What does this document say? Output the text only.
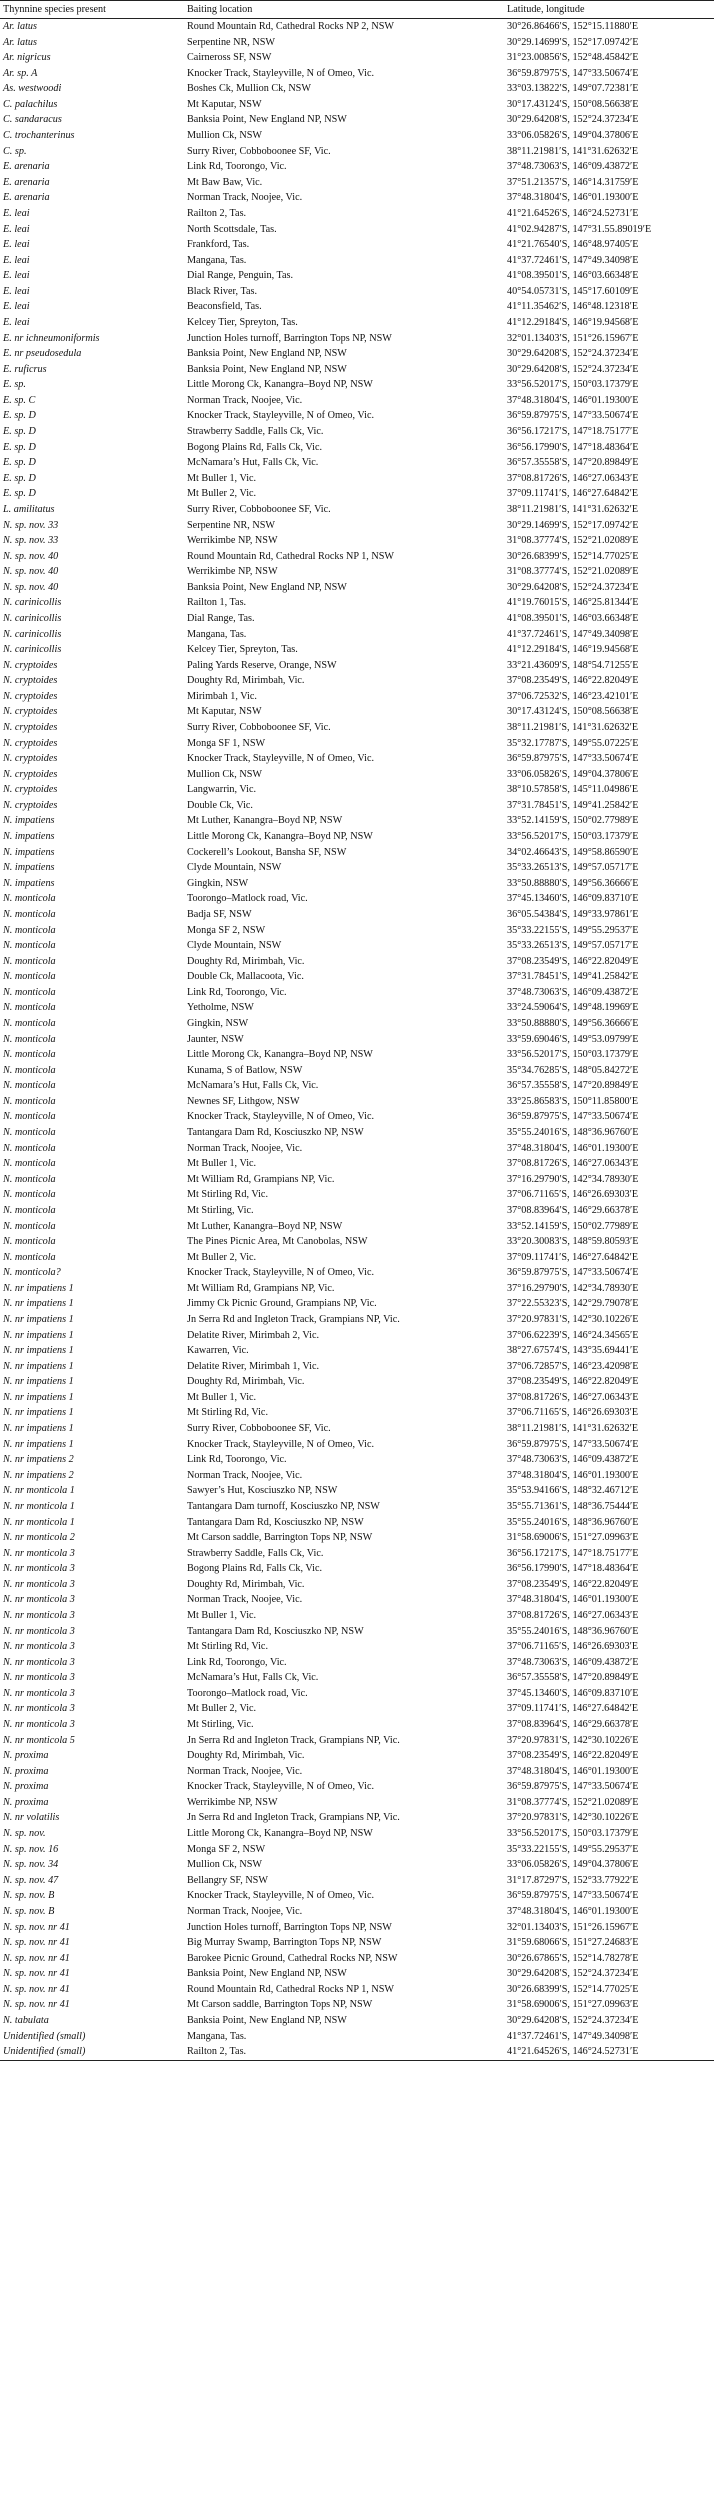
Thynnine species present	Baiting location	Latitude, longitude
Ar. latus	Round Mountain Rd, Cathedral Rocks NP 2, NSW	30°26.86466′S, 152°15.11880′E
Ar. latus	Serpentine NR, NSW	30°29.14699′S, 152°17.09742′E
Ar. nigricus	Cairneross SF, NSW	31°23.00856′S, 152°48.45842′E
Ar. sp. A	Knocker Track, Stayleyville, N of Omeo, Vic.	36°59.87975′S, 147°33.50674′E
As. westwoodi	Boshes Ck, Mullion Ck, NSW	33°03.13822′S, 149°07.72381′E
C. palachilus	Mt Kaputar, NSW	30°17.43124′S, 150°08.56638′E
C. sandaracus	Banksia Point, New England NP, NSW	30°29.64208′S, 152°24.37234′E
C. trochanterinus	Mullion Ck, NSW	33°06.05826′S, 149°04.37806′E
C. sp.	Surry River, Cobboboonee SF, Vic.	38°11.21981′S, 141°31.62632′E
E. arenaria	Link Rd, Toorongo, Vic.	37°48.73063′S, 146°09.43872′E
E. arenaria	Mt Baw Baw, Vic.	37°51.21357′S, 146°14.31759′E
E. arenaria	Norman Track, Noojee, Vic.	37°48.31804′S, 146°01.19300′E
E. leai	Railton 2, Tas.	41°21.64526′S, 146°24.52731′E
E. leai	North Scottsdale, Tas.	41°02.94287′S, 147°31.55.89019′E
E. leai	Frankford, Tas.	41°21.76540′S, 146°48.97405′E
E. leai	Mangana, Tas.	41°37.72461′S, 147°49.34098′E
E. leai	Dial Range, Penguin, Tas.	41°08.39501′S, 146°03.66348′E
E. leai	Black River, Tas.	40°54.05731′S, 145°17.60109′E
E. leai	Beaconsfield, Tas.	41°11.35462′S, 146°48.12318′E
E. leai	Kelcey Tier, Spreyton, Tas.	41°12.29184′S, 146°19.94568′E
E. nr ichneumoniformis	Junction Holes turnoff, Barrington Tops NP, NSW	32°01.13403′S, 151°26.15967′E
E. nr pseudosedula	Banksia Point, New England NP, NSW	30°29.64208′S, 152°24.37234′E
E. ruficrus	Banksia Point, New England NP, NSW	30°29.64208′S, 152°24.37234′E
E. sp.	Little Morong Ck, Kanangra–Boyd NP, NSW	33°56.52017′S, 150°03.17379′E
E. sp. C	Norman Track, Noojee, Vic.	37°48.31804′S, 146°01.19300′E
E. sp. D	Knocker Track, Stayleyville, N of Omeo, Vic.	36°59.87975′S, 147°33.50674′E
E. sp. D	Strawberry Saddle, Falls Ck, Vic.	36°56.17217′S, 147°18.75177′E
E. sp. D	Bogong Plains Rd, Falls Ck, Vic.	36°56.17990′S, 147°18.48364′E
E. sp. D	McNamara’s Hut, Falls Ck, Vic.	36°57.35558′S, 147°20.89849′E
E. sp. D	Mt Buller 1, Vic.	37°08.81726′S, 146°27.06343′E
E. sp. D	Mt Buller 2, Vic.	37°09.11741′S, 146°27.64842′E
L. amilitatus	Surry River, Cobboboonee SF, Vic.	38°11.21981′S, 141°31.62632′E
N. sp. nov. 33	Serpentine NR, NSW	30°29.14699′S, 152°17.09742′E
N. sp. nov. 33	Werrikimbe NP, NSW	31°08.37774′S, 152°21.02089′E
N. sp. nov. 40	Round Mountain Rd, Cathedral Rocks NP 1, NSW	30°26.68399′S, 152°14.77025′E
N. sp. nov. 40	Werrikimbe NP, NSW	31°08.37774′S, 152°21.02089′E
N. sp. nov. 40	Banksia Point, New England NP, NSW	30°29.64208′S, 152°24.37234′E
N. carinicollis	Railton 1, Tas.	41°19.76015′S, 146°25.81344′E
N. carinicollis	Dial Range, Tas.	41°08.39501′S, 146°03.66348′E
N. carinicollis	Mangana, Tas.	41°37.72461′S, 147°49.34098′E
N. carinicollis	Kelcey Tier, Spreyton, Tas.	41°12.29184′S, 146°19.94568′E
N. cryptoides	Paling Yards Reserve, Orange, NSW	33°21.43609′S, 148°54.71255′E
N. cryptoides	Doughty Rd, Mirimbah, Vic.	37°08.23549′S, 146°22.82049′E
N. cryptoides	Mirimbah 1, Vic.	37°06.72532′S, 146°23.42101′E
N. cryptoides	Mt Kaputar, NSW	30°17.43124′S, 150°08.56638′E
N. cryptoides	Surry River, Cobboboonee SF, Vic.	38°11.21981′S, 141°31.62632′E
N. cryptoides	Monga SF 1, NSW	35°32.17787′S, 149°55.07225′E
N. cryptoides	Knocker Track, Stayleyville, N of Omeo, Vic.	36°59.87975′S, 147°33.50674′E
N. cryptoides	Mullion Ck, NSW	33°06.05826′S, 149°04.37806′E
N. cryptoides	Langwarrin, Vic.	38°10.57858′S, 145°11.04986′E
N. cryptoides	Double Ck, Vic.	37°31.78451′S, 149°41.25842′E
N. impatiens	Mt Luther, Kanangra–Boyd NP, NSW	33°52.14159′S, 150°02.77989′E
N. impatiens	Little Morong Ck, Kanangra–Boyd NP, NSW	33°56.52017′S, 150°03.17379′E
N. impatiens	Cockerell’s Lookout, Bansha SF, NSW	34°02.46643′S, 149°58.86590′E
N. impatiens	Clyde Mountain, NSW	35°33.26513′S, 149°57.05717′E
N. impatiens	Gingkin, NSW	33°50.88880′S, 149°56.36666′E
N. monticola	Toorongo–Matlock road, Vic.	37°45.13460′S, 146°09.83710′E
N. monticola	Badja SF, NSW	36°05.54384′S, 149°33.97861′E
N. monticola	Monga SF 2, NSW	35°33.22155′S, 149°55.29537′E
N. monticola	Clyde Mountain, NSW	35°33.26513′S, 149°57.05717′E
N. monticola	Doughty Rd, Mirimbah, Vic.	37°08.23549′S, 146°22.82049′E
N. monticola	Double Ck, Mallacoota, Vic.	37°31.78451′S, 149°41.25842′E
N. monticola	Link Rd, Toorongo, Vic.	37°48.73063′S, 146°09.43872′E
N. monticola	Yetholme, NSW	33°24.59064′S, 149°48.19969′E
N. monticola	Gingkin, NSW	33°50.88880′S, 149°56.36666′E
N. monticola	Jaunter, NSW	33°59.69046′S, 149°53.09799′E
N. monticola	Little Morong Ck, Kanangra–Boyd NP, NSW	33°56.52017′S, 150°03.17379′E
N. monticola	Kunama, S of Batlow, NSW	35°34.76285′S, 148°05.84272′E
N. monticola	McNamara’s Hut, Falls Ck, Vic.	36°57.35558′S, 147°20.89849′E
N. monticola	Newnes SF, Lithgow, NSW	33°25.86583′S, 150°11.85800′E
N. monticola	Knocker Track, Stayleyville, N of Omeo, Vic.	36°59.87975′S, 147°33.50674′E
N. monticola	Tantangara Dam Rd, Kosciuszko NP, NSW	35°55.24016′S, 148°36.96760′E
N. monticola	Norman Track, Noojee, Vic.	37°48.31804′S, 146°01.19300′E
N. monticola	Mt Buller 1, Vic.	37°08.81726′S, 146°27.06343′E
N. monticola	Mt William Rd, Grampians NP, Vic.	37°16.29790′S, 142°34.78930′E
N. monticola	Mt Stirling Rd, Vic.	37°06.71165′S, 146°26.69303′E
N. monticola	Mt Stirling, Vic.	37°08.83964′S, 146°29.66378′E
N. monticola	Mt Luther, Kanangra–Boyd NP, NSW	33°52.14159′S, 150°02.77989′E
N. monticola	The Pines Picnic Area, Mt Canobolas, NSW	33°20.30083′S, 148°59.80593′E
N. monticola	Mt Buller 2, Vic.	37°09.11741′S, 146°27.64842′E
N. monticola?	Knocker Track, Stayleyville, N of Omeo, Vic.	36°59.87975′S, 147°33.50674′E
N. nr impatiens 1	Mt William Rd, Grampians NP, Vic.	37°16.29790′S, 142°34.78930′E
N. nr impatiens 1	Jimmy Ck Picnic Ground, Grampians NP, Vic.	37°22.55323′S, 142°29.79078′E
N. nr impatiens 1	Jn Serra Rd and Ingleton Track, Grampians NP, Vic.	37°20.97831′S, 142°30.10226′E
N. nr impatiens 1	Delatite River, Mirimbah 2, Vic.	37°06.62239′S, 146°24.34565′E
N. nr impatiens 1	Kawarren, Vic.	38°27.67574′S, 143°35.69441′E
N. nr impatiens 1	Delatite River, Mirimbah 1, Vic.	37°06.72857′S, 146°23.42098′E
N. nr impatiens 1	Doughty Rd, Mirimbah, Vic.	37°08.23549′S, 146°22.82049′E
N. nr impatiens 1	Mt Buller 1, Vic.	37°08.81726′S, 146°27.06343′E
N. nr impatiens 1	Mt Stirling Rd, Vic.	37°06.71165′S, 146°26.69303′E
N. nr impatiens 1	Surry River, Cobboboonee SF, Vic.	38°11.21981′S, 141°31.62632′E
N. nr impatiens 1	Knocker Track, Stayleyville, N of Omeo, Vic.	36°59.87975′S, 147°33.50674′E
N. nr impatiens 2	Link Rd, Toorongo, Vic.	37°48.73063′S, 146°09.43872′E
N. nr impatiens 2	Norman Track, Noojee, Vic.	37°48.31804′S, 146°01.19300′E
N. nr monticola 1	Sawyer’s Hut, Kosciuszko NP, NSW	35°53.94166′S, 148°32.46712′E
N. nr monticola 1	Tantangara Dam turnoff, Kosciuszko NP, NSW	35°55.71361′S, 148°36.75444′E
N. nr monticola 1	Tantangara Dam Rd, Kosciuszko NP, NSW	35°55.24016′S, 148°36.96760′E
N. nr monticola 2	Mt Carson saddle, Barrington Tops NP, NSW	31°58.69006′S, 151°27.09963′E
N. nr monticola 3	Strawberry Saddle, Falls Ck, Vic.	36°56.17217′S, 147°18.75177′E
N. nr monticola 3	Bogong Plains Rd, Falls Ck, Vic.	36°56.17990′S, 147°18.48364′E
N. nr monticola 3	Doughty Rd, Mirimbah, Vic.	37°08.23549′S, 146°22.82049′E
N. nr monticola 3	Norman Track, Noojee, Vic.	37°48.31804′S, 146°01.19300′E
N. nr monticola 3	Mt Buller 1, Vic.	37°08.81726′S, 146°27.06343′E
N. nr monticola 3	Tantangara Dam Rd, Kosciuszko NP, NSW	35°55.24016′S, 148°36.96760′E
N. nr monticola 3	Mt Stirling Rd, Vic.	37°06.71165′S, 146°26.69303′E
N. nr monticola 3	Link Rd, Toorongo, Vic.	37°48.73063′S, 146°09.43872′E
N. nr monticola 3	McNamara’s Hut, Falls Ck, Vic.	36°57.35558′S, 147°20.89849′E
N. nr monticola 3	Toorongo–Matlock road, Vic.	37°45.13460′S, 146°09.83710′E
N. nr monticola 3	Mt Buller 2, Vic.	37°09.11741′S, 146°27.64842′E
N. nr monticola 3	Mt Stirling, Vic.	37°08.83964′S, 146°29.66378′E
N. nr monticola 5	Jn Serra Rd and Ingleton Track, Grampians NP, Vic.	37°20.97831′S, 142°30.10226′E
N. proxima	Doughty Rd, Mirimbah, Vic.	37°08.23549′S, 146°22.82049′E
N. proxima	Norman Track, Noojee, Vic.	37°48.31804′S, 146°01.19300′E
N. proxima	Knocker Track, Stayleyville, N of Omeo, Vic.	36°59.87975′S, 147°33.50674′E
N. proxima	Werrikimbe NP, NSW	31°08.37774′S, 152°21.02089′E
N. nr volatilis	Jn Serra Rd and Ingleton Track, Grampians NP, Vic.	37°20.97831′S, 142°30.10226′E
N. sp. nov.	Little Morong Ck, Kanangra–Boyd NP, NSW	33°56.52017′S, 150°03.17379′E
N. sp. nov. 16	Monga SF 2, NSW	35°33.22155′S, 149°55.29537′E
N. sp. nov. 34	Mullion Ck, NSW	33°06.05826′S, 149°04.37806′E
N. sp. nov. 47	Bellangry SF, NSW	31°17.87297′S, 152°33.77922′E
N. sp. nov. B	Knocker Track, Stayleyville, N of Omeo, Vic.	36°59.87975′S, 147°33.50674′E
N. sp. nov. B	Norman Track, Noojee, Vic.	37°48.31804′S, 146°01.19300′E
N. sp. nov. nr 41	Junction Holes turnoff, Barrington Tops NP, NSW	32°01.13403′S, 151°26.15967′E
N. sp. nov. nr 41	Big Murray Swamp, Barrington Tops NP, NSW	31°59.68066′S, 151°27.24683′E
N. sp. nov. nr 41	Barokee Picnic Ground, Cathedral Rocks NP, NSW	30°26.67865′S, 152°14.78278′E
N. sp. nov. nr 41	Banksia Point, New England NP, NSW	30°29.64208′S, 152°24.37234′E
N. sp. nov. nr 41	Round Mountain Rd, Cathedral Rocks NP 1, NSW	30°26.68399′S, 152°14.77025′E
N. sp. nov. nr 41	Mt Carson saddle, Barrington Tops NP, NSW	31°58.69006′S, 151°27.09963′E
N. tabulata	Banksia Point, New England NP, NSW	30°29.64208′S, 152°24.37234′E
Unidentified (small)	Mangana, Tas.	41°37.72461′S, 147°49.34098′E
Unidentified (small)	Railton 2, Tas.	41°21.64526′S, 146°24.52731′E
